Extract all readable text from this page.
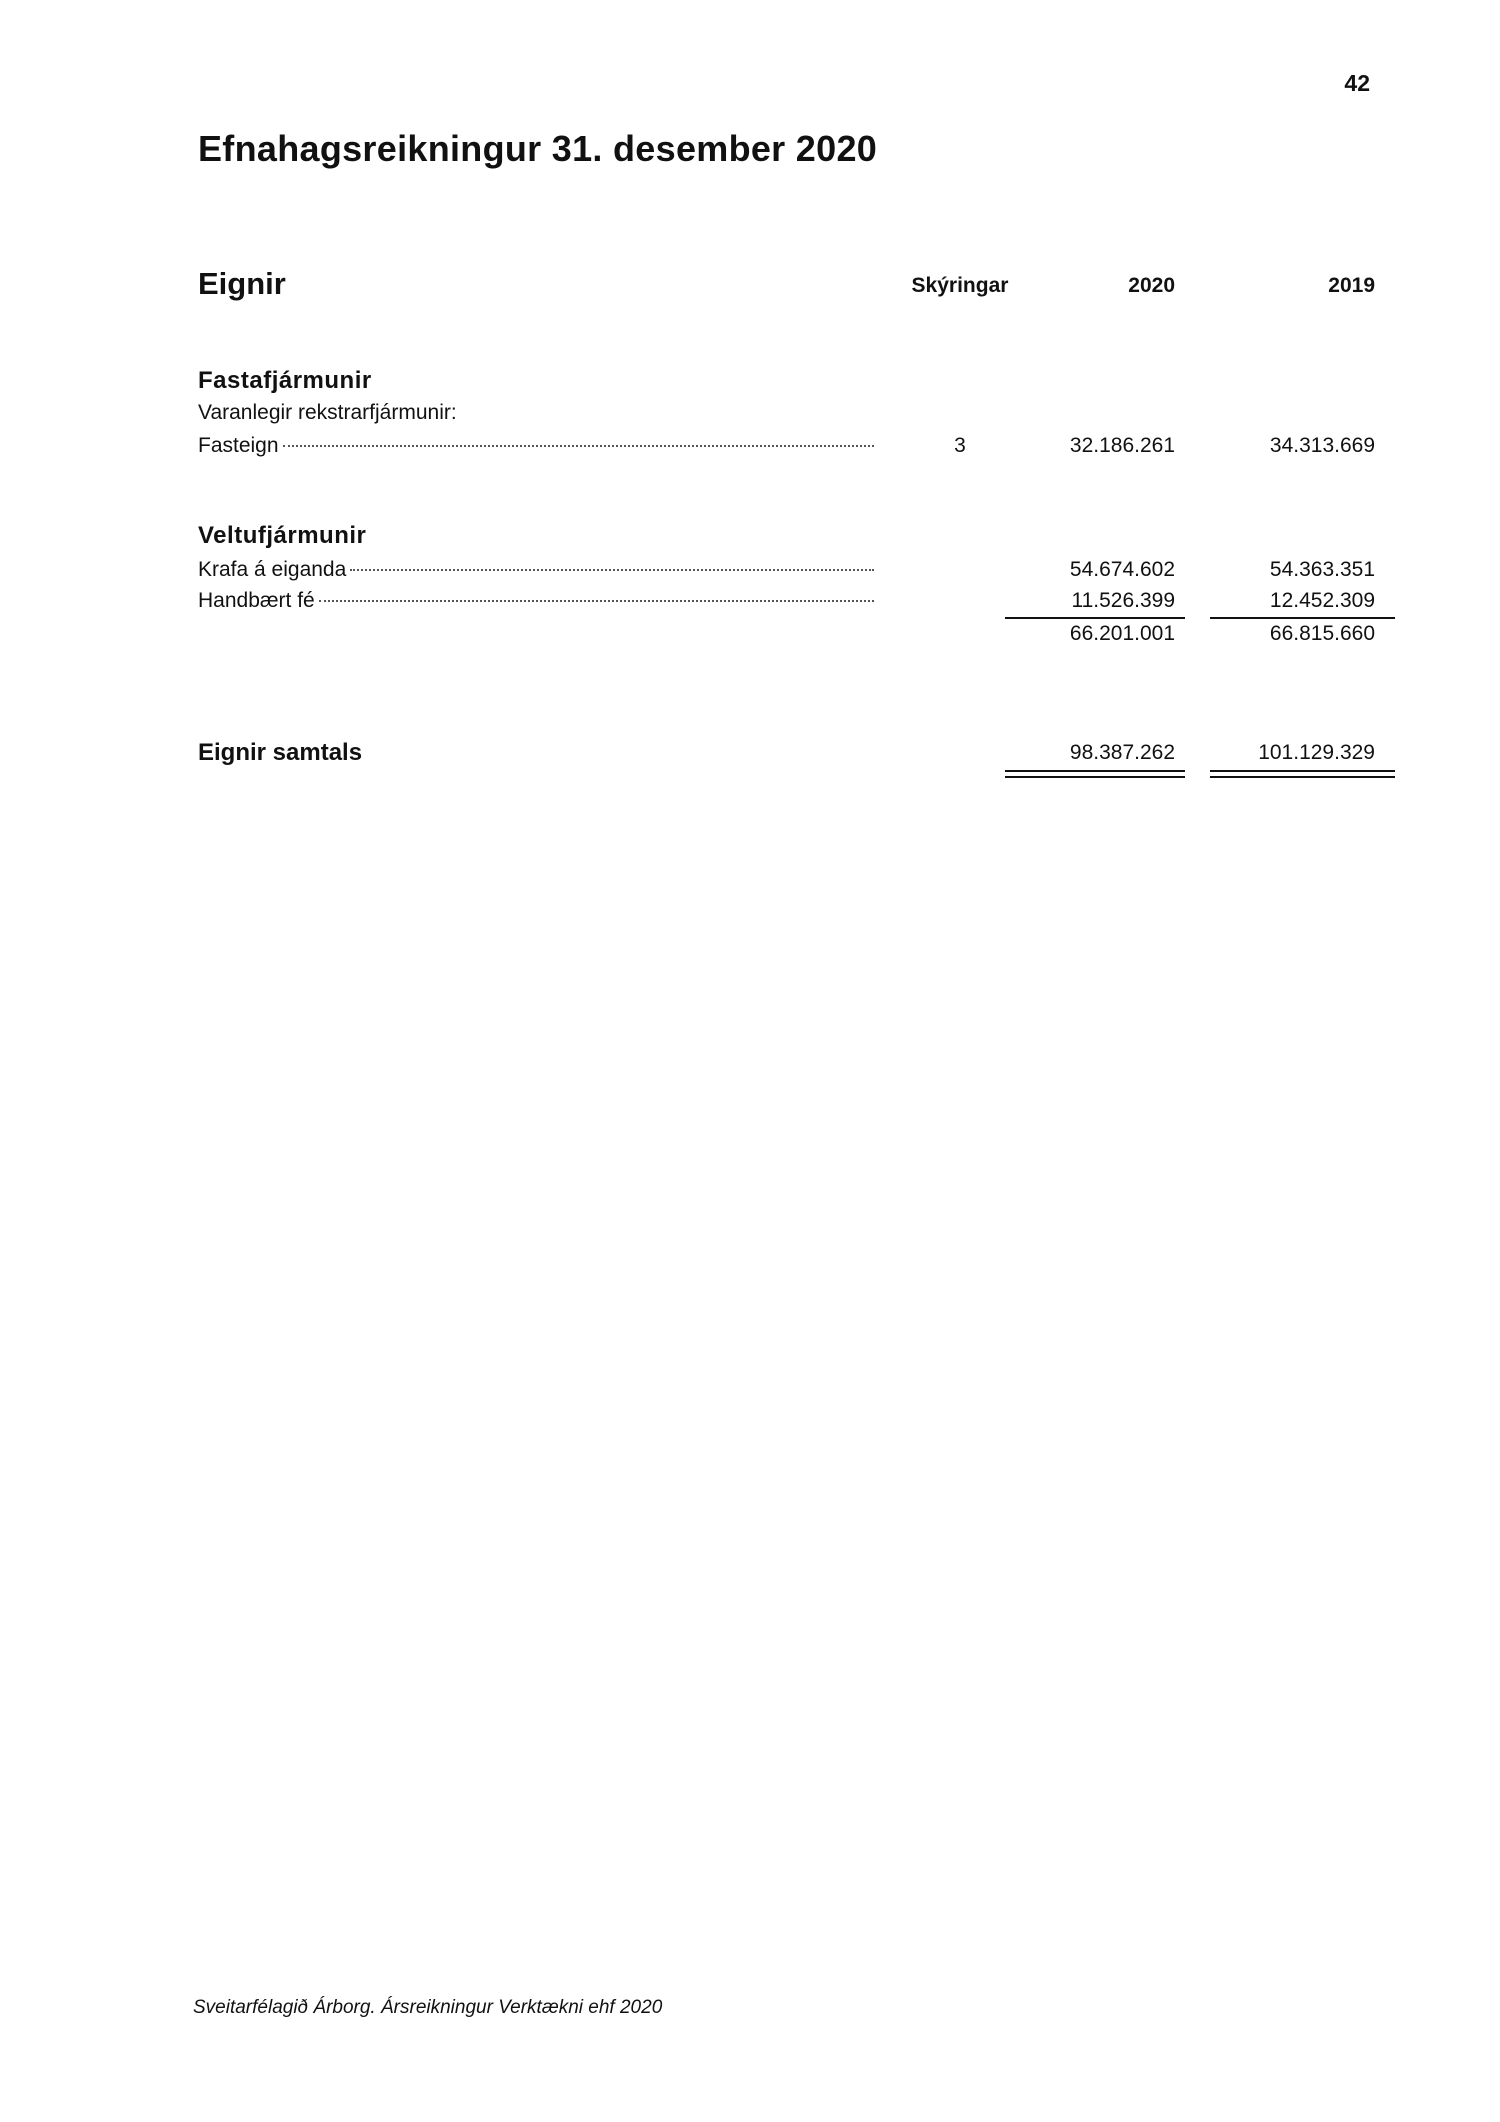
42
Efnahagsreikningur 31. desember 2020
Eignir	Skýringar	2020	2019
Fastafjármunir
Varanlegir rekstrarfjármunir:
Fasteign	3	32.186.261	34.313.669
Veltufjármunir
Krafa á eiganda	54.674.602	54.363.351
Handbært fé	11.526.399	12.452.309
66.201.001	66.815.660
Eignir samtals	98.387.262	101.129.329
Sveitarfélagið Árborg. Ársreikningur Verktækni ehf 2020
